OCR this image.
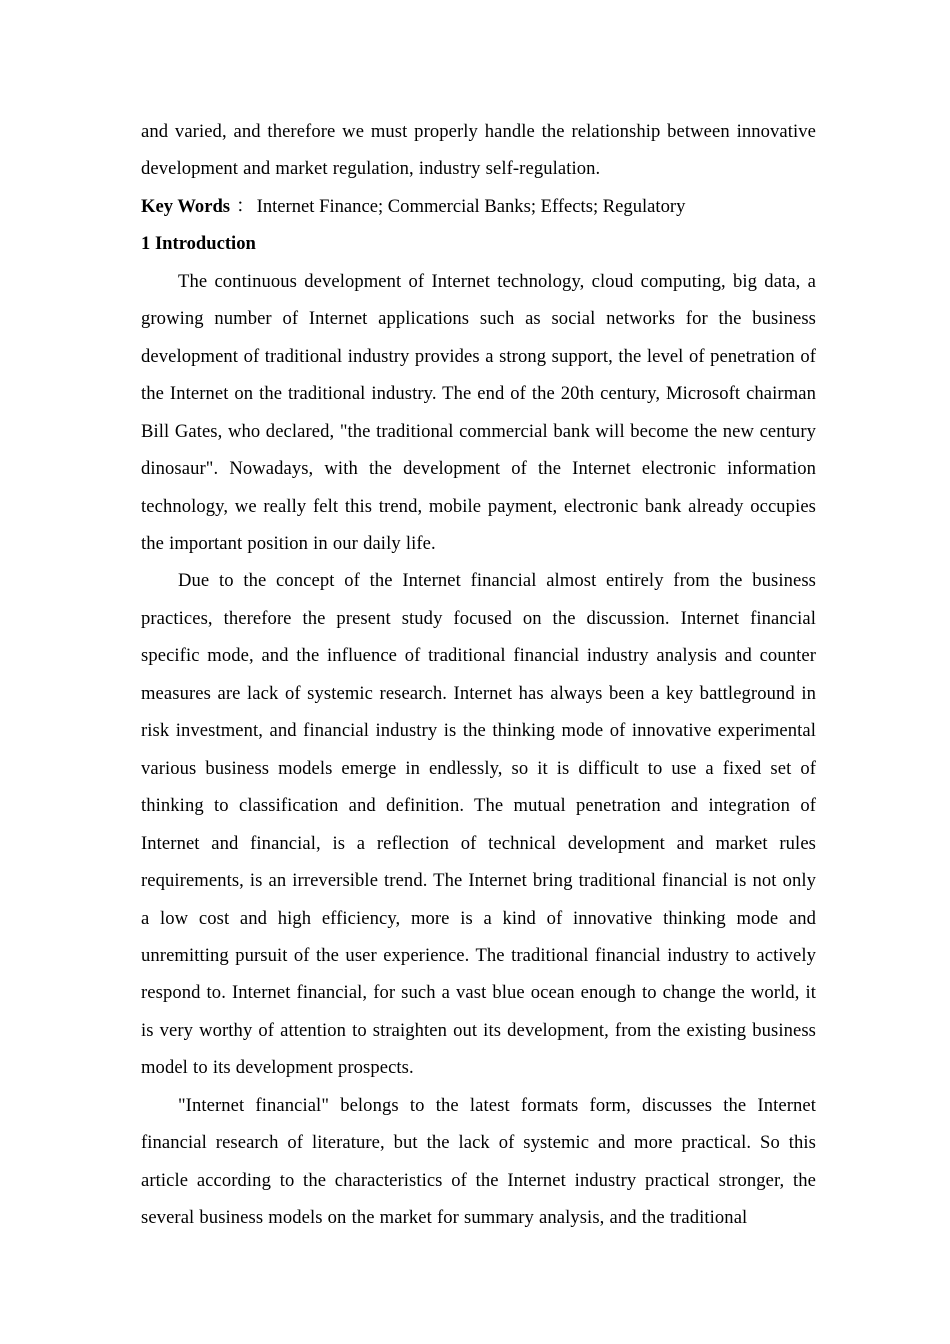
and varied, and therefore we must properly handle the relationship between innovative development and market regulation, industry self-regulation.

Key Words ： Internet Finance; Commercial Banks; Effects; Regulatory

1 Introduction

The continuous development of Internet technology, cloud computing, big data, a growing number of Internet applications such as social networks for the business development of traditional industry provides a strong support, the level of penetration of the Internet on the traditional industry. The end of the 20th century, Microsoft chairman Bill Gates, who declared, "the traditional commercial bank will become the new century dinosaur". Nowadays, with the development of the Internet electronic information technology, we really felt this trend, mobile payment, electronic bank already occupies the important position in our daily life.

Due to the concept of the Internet financial almost entirely from the business practices, therefore the present study focused on the discussion. Internet financial specific mode, and the influence of traditional financial industry analysis and counter measures are lack of systemic research. Internet has always been a key battleground in risk investment, and financial industry is the thinking mode of innovative experimental various business models emerge in endlessly, so it is difficult to use a fixed set of thinking to classification and definition. The mutual penetration and integration of Internet and financial, is a reflection of technical development and market rules requirements, is an irreversible trend. The Internet bring traditional financial is not only a low cost and high efficiency, more is a kind of innovative thinking mode and unremitting pursuit of the user experience. The traditional financial industry to actively respond to. Internet financial, for such a vast blue ocean enough to change the world, it is very worthy of attention to straighten out its development, from the existing business model to its development prospects.

"Internet financial" belongs to the latest formats form, discusses the Internet financial research of literature, but the lack of systemic and more practical. So this article according to the characteristics of the Internet industry practical stronger, the several business models on the market for summary analysis, and the traditional
